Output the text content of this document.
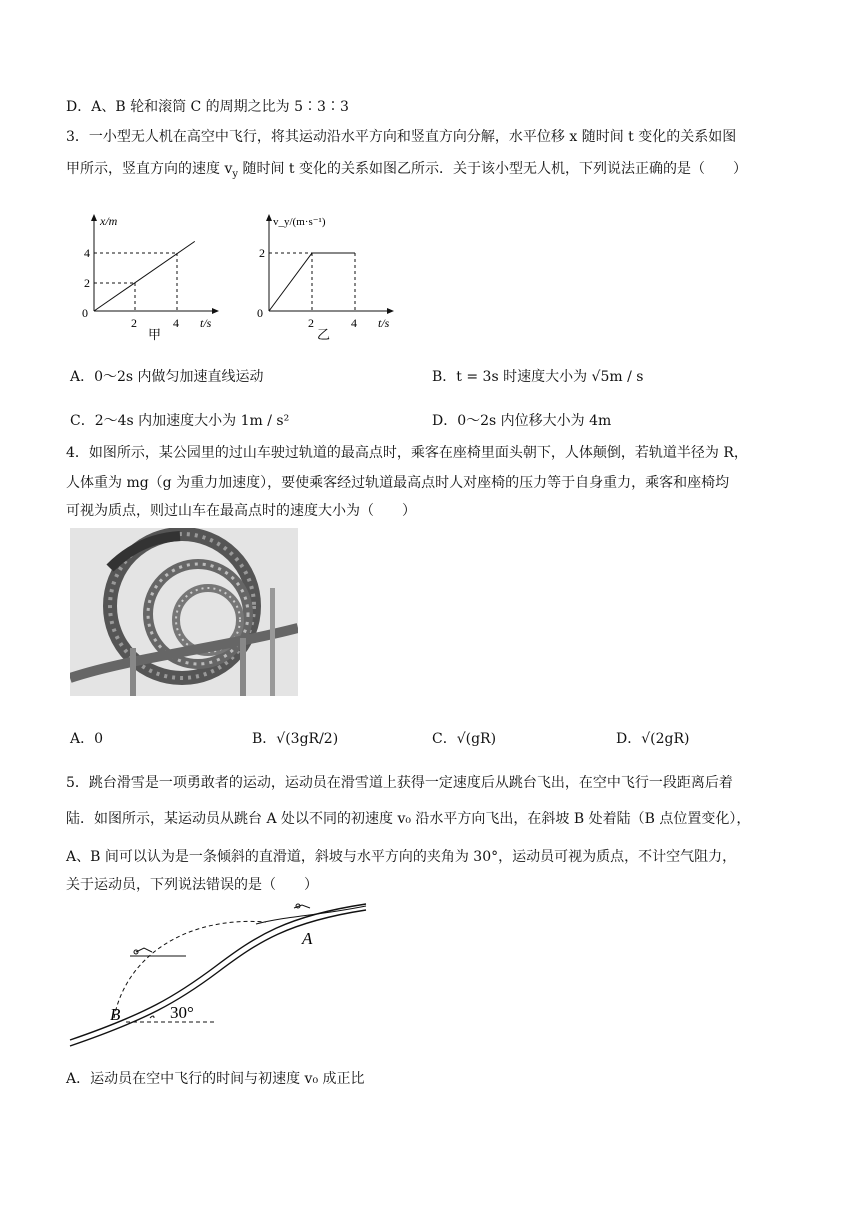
D．A、B 轮和滚筒 C 的周期之比为 5∶3∶3
3．一小型无人机在高空中飞行，将其运动沿水平方向和竖直方向分解，水平位移 x 随时间 t 变化的关系如图
甲所示，竖直方向的速度 $v_y$ 随时间 t 变化的关系如图乙所示．关于该小型无人机，下列说法正确的是（　　）
x/m
4
2
0
2	4 t/s
甲
v_y/(m·s⁻¹)
2
0
2	4 t/s
乙
A．0～2s 内做匀加速直线运动	B．t = 3s 时速度大小为 √5m / s
C．2～4s 内加速度大小为 1m / s²	D．0～2s 内位移大小为 4m
4．如图所示，某公园里的过山车驶过轨道的最高点时，乘客在座椅里面头朝下，人体颠倒，若轨道半径为 R，
人体重为 mg（g 为重力加速度），要使乘客经过轨道最高点时人对座椅的压力等于自身重力，乘客和座椅均
可视为质点，则过山车在最高点时的速度大小为（　　）
A．0	B．√(3gR/2)	C．√(gR)	D．√(2gR)
5．跳台滑雪是一项勇敢者的运动，运动员在滑雪道上获得一定速度后从跳台飞出，在空中飞行一段距离后着
陆．如图所示，某运动员从跳台 A 处以不同的初速度 v₀ 沿水平方向飞出，在斜坡 B 处着陆（B 点位置变化），
A、B 间可以认为是一条倾斜的直滑道，斜坡与水平方向的夹角为 30°，运动员可视为质点，不计空气阻力，
关于运动员，下列说法错误的是（　　）
A
B	30°
A．运动员在空中飞行的时间与初速度 v₀ 成正比
